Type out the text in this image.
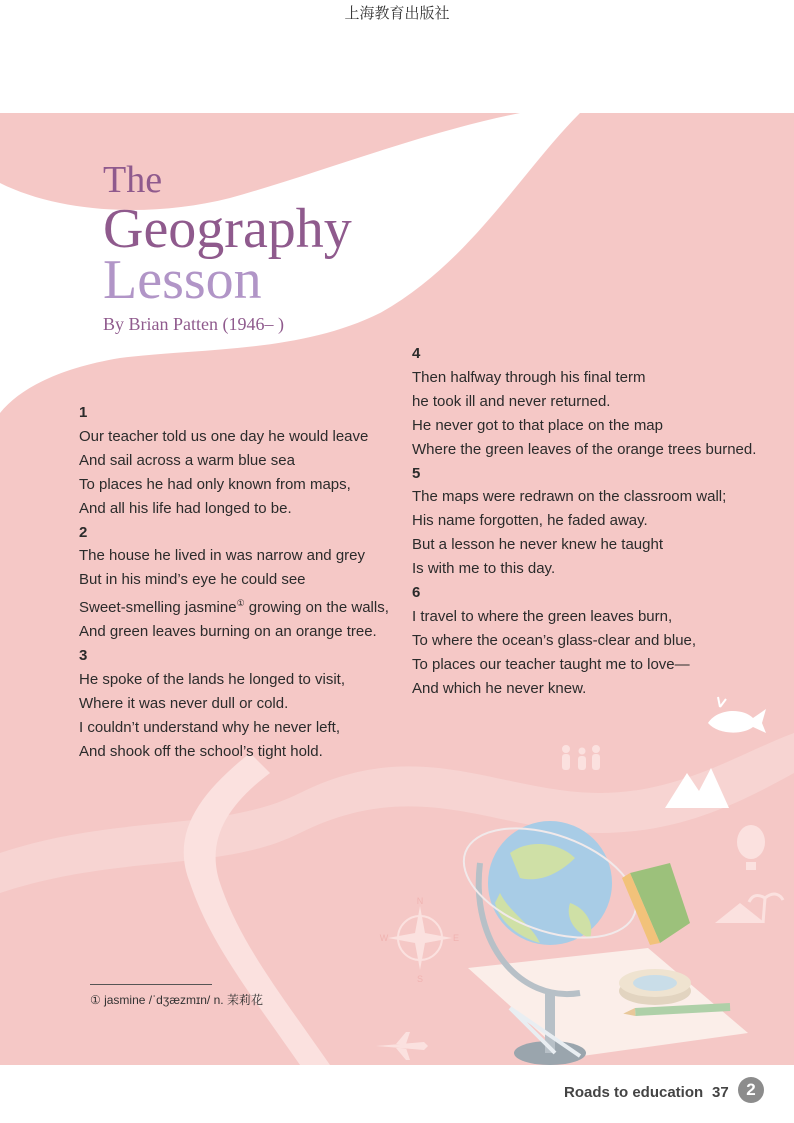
上海教育出版社
N
E
S
W
The
Geography
Lesson

By Brian Patten (1946– )

1
Our teacher told us one day he would leave
And sail across a warm blue sea
To places he had only known from maps,
And all his life had longed to be.
2
The house he lived in was narrow and grey
But in his mind’s eye he could see
Sweet-smelling jasmine① growing on the walls,
And green leaves burning on an orange tree.
3
He spoke of the lands he longed to visit,
Where it was never dull or cold.
I couldn’t understand why he never left,
And shook off the school’s tight hold.
4
Then halfway through his final term
he took ill and never returned.
He never got to that place on the map
Where the green leaves of the orange trees burned.
5
The maps were redrawn on the classroom wall;
His name forgotten, he faded away.
But a lesson he never knew he taught
Is with me to this day.
6
I travel to where the green leaves burn,
To where the ocean’s glass-clear and blue,
To places our teacher taught me to love—
And which he never knew.
① jasmine /ˈdʒæzmɪn/ n. 茉莉花
Roads to education 37	2
